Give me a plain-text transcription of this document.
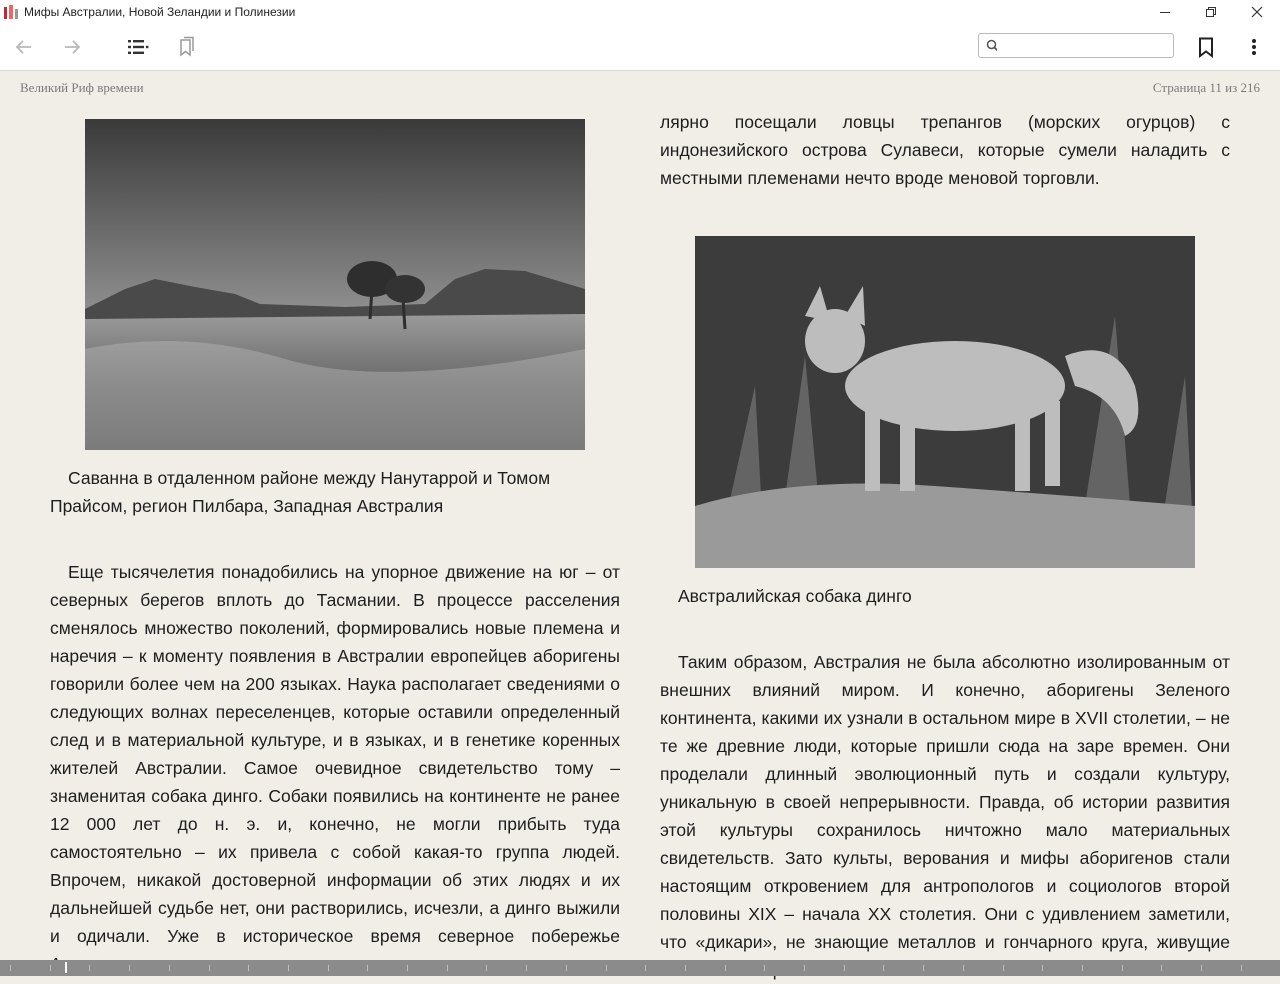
Мифы Австралии, Новой Зеландии и Полинезии
Великий Риф времени	Страница 11 из 216

Саванна в отдаленном районе между Нанутаррой и Томом Прайсом, регион Пилбара, Западная Австралия

Еще тысячелетия понадобились на упорное движение на юг – от северных берегов вплоть до Тасмании. В процессе расселения сменялось множество поколений, формировались новые племена и наречия – к моменту появления в Австралии европейцев аборигены говорили более чем на 200 языках. Наука располагает сведениями о следующих волнах переселенцев, которые оставили определенный след и в материальной культуре, и в языках, и в генетике коренных жителей Австралии. Самое очевидное свидетельство тому – знаменитая собака динго. Собаки появились на континенте не ранее 12 000 лет до н. э. и, конечно, не могли прибыть туда самостоятельно – их привела с собой какая-то группа людей. Впрочем, никакой достоверной информации об этих людях и их дальнейшей судьбе нет, они растворились, исчезли, а динго выжили и одичали. Уже в историческое время северное побережье

лярно посещали ловцы трепангов (морских огурцов) с индонезийского острова Сулавеси, которые сумели наладить с местными племенами нечто вроде меновой торговли.

Австралийская собака динго

Таким образом, Австралия не была абсолютно изолированным от внешних влияний миром. И конечно, аборигены Зеленого континента, какими их узнали в остальном мире в XVII столетии, – не те же древние люди, которые пришли сюда на заре времен. Они проделали длинный эволюционный путь и создали культуру, уникальную в своей непрерывности. Правда, об истории развития этой культуры сохранилось ничтожно мало материальных свидетельств. Зато культы, верования и мифы аборигенов стали настоящим откровением для антропологов и социологов второй половины XIX – начала XX столетия. Они с удивлением заметили, что «дикари», не знающие металлов и гончарного круга, живущие
